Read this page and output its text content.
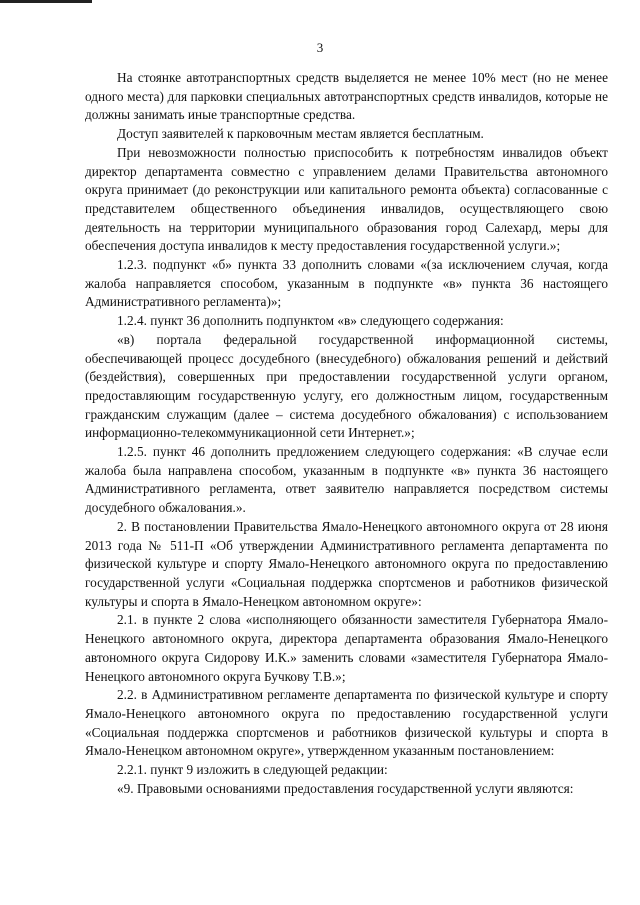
3

На стоянке автотранспортных средств выделяется не менее 10% мест (но не менее одного места) для парковки специальных автотранспортных средств инвалидов, которые не должны занимать иные транспортные средства.

Доступ заявителей к парковочным местам является бесплатным.

При невозможности полностью приспособить к потребностям инвалидов объект директор департамента совместно с управлением делами Правительства автономного округа принимает (до реконструкции или капитального ремонта объекта) согласованные с представителем общественного объединения инвалидов, осуществляющего свою деятельность на территории муниципального образования город Салехард, меры для обеспечения доступа инвалидов к месту предоставления государственной услуги.»;

1.2.3. подпункт «б» пункта 33 дополнить словами «(за исключением случая, когда жалоба направляется способом, указанным в подпункте «в» пункта 36 настоящего Административного регламента)»;

1.2.4. пункт 36 дополнить подпунктом «в» следующего содержания:

«в) портала федеральной государственной информационной системы, обеспечивающей процесс досудебного (внесудебного) обжалования решений и действий (бездействия), совершенных при предоставлении государственной услуги органом, предоставляющим государственную услугу, его должностным лицом, государственным гражданским служащим (далее – система досудебного обжалования) с использованием информационно-телекоммуникационной сети Интернет.»;

1.2.5. пункт 46 дополнить предложением следующего содержания: «В случае если жалоба была направлена способом, указанным в подпункте «в» пункта 36 настоящего Административного регламента, ответ заявителю направляется посредством системы досудебного обжалования.».

2. В постановлении Правительства Ямало-Ненецкого автономного округа от 28 июня 2013 года № 511-П «Об утверждении Административного регламента департамента по физической культуре и спорту Ямало-Ненецкого автономного округа по предоставлению государственной услуги «Социальная поддержка спортсменов и работников физической культуры и спорта в Ямало-Ненецком автономном округе»:

2.1. в пункте 2 слова «исполняющего обязанности заместителя Губернатора Ямало-Ненецкого автономного округа, директора департамента образования Ямало-Ненецкого автономного округа Сидорову И.К.» заменить словами «заместителя Губернатора Ямало-Ненецкого автономного округа Бучкову Т.В.»;

2.2. в Административном регламенте департамента по физической культуре и спорту Ямало-Ненецкого автономного округа по предоставлению государственной услуги «Социальная поддержка спортсменов и работников физической культуры и спорта в Ямало-Ненецком автономном округе», утвержденном указанным постановлением:

2.2.1. пункт 9 изложить в следующей редакции:

«9. Правовыми основаниями предоставления государственной услуги являются:
